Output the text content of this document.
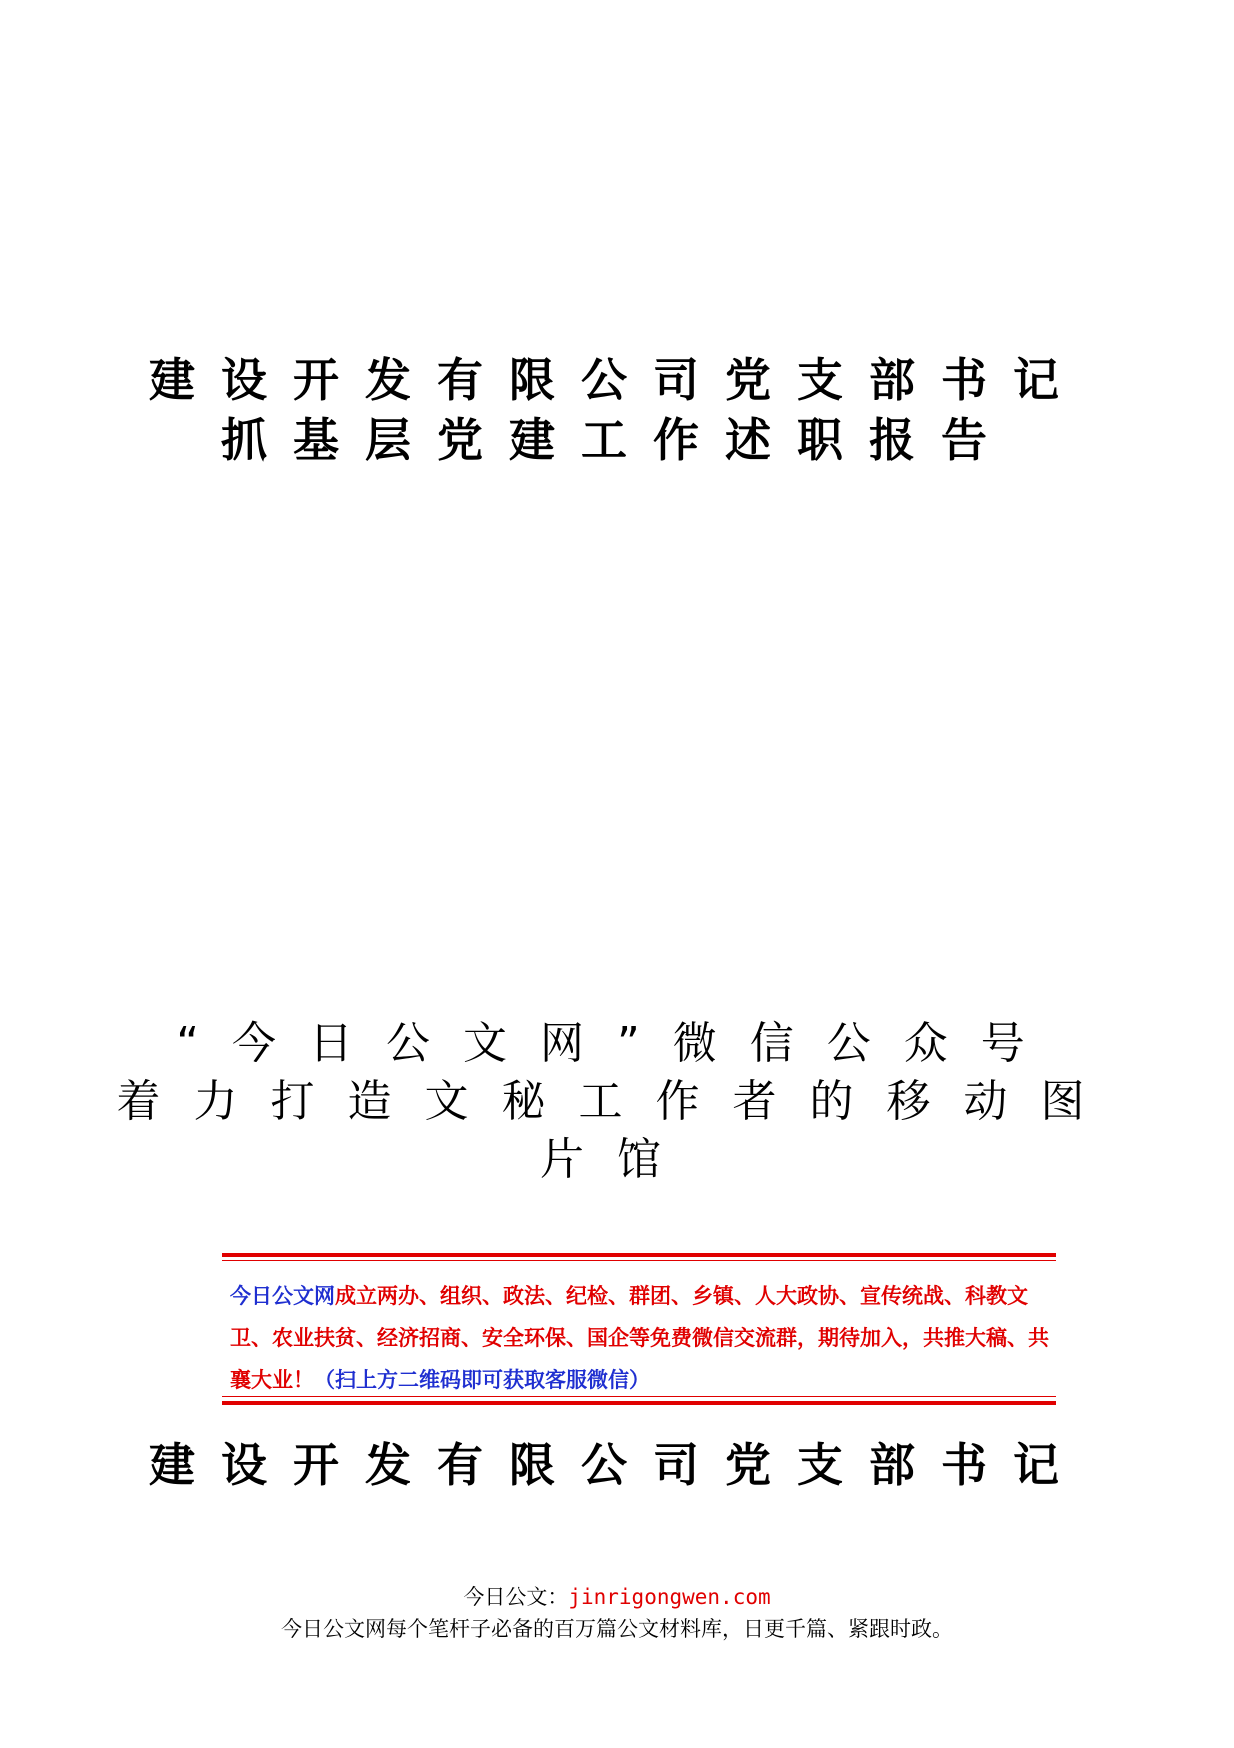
建设开发有限公司党支部书记
抓基层党建工作述职报告
“今日公文网”微信公众号
着力打造文秘工作者的移动图
片馆
今日公文网成立两办、组织、政法、纪检、群团、乡镇、人大政协、宣传统战、科教文卫、农业扶贫、经济招商、安全环保、国企等免费微信交流群，期待加入，共推大稿、共襄大业！（扫上方二维码即可获取客服微信）
建设开发有限公司党支部书记
今日公文：jinrigongwen.com
今日公文网每个笔杆子必备的百万篇公文材料库，日更千篇、紧跟时政。
